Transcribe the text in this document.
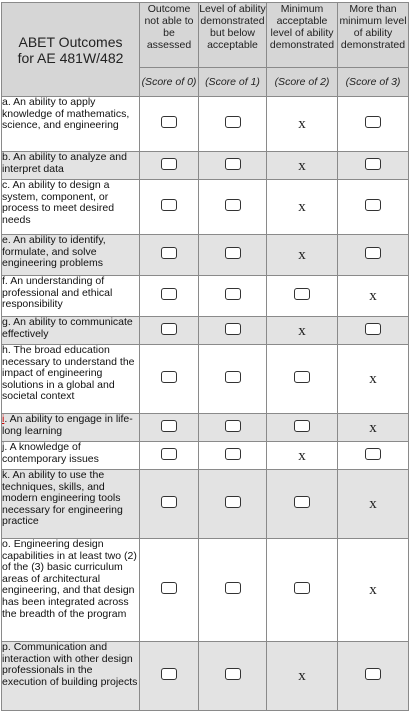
ABET Outcomes
for AE 481W/482	Outcome not able to be assessed	Level of ability demonstrated but below acceptable	Minimum acceptable level of ability demonstrated	More than minimum level of ability demonstrated
	(Score of 0)	(Score of 1)	(Score of 2)	(Score of 3)
a. An ability to apply knowledge of mathematics, science, and engineering			x	
b. An ability to analyze and interpret data			x	
c. An ability to design a system, component, or process to meet desired needs			x	
e. An ability to identify, formulate, and solve engineering problems			x	
f. An understanding of professional and ethical responsibility				x
g. An ability to communicate effectively			x	
h. The broad education necessary to understand the impact of engineering solutions in a global and societal context				x
i. An ability to engage in life-long learning				x
j. A knowledge of contemporary issues			x	
k. An ability to use the techniques, skills, and modern engineering tools necessary for engineering practice				x
o. Engineering design capabilities in at least two (2) of the (3) basic curriculum areas of architectural engineering, and that design has been integrated across the breadth of the program				x
p. Communication and interaction with other design professionals in the execution of building projects			x	
